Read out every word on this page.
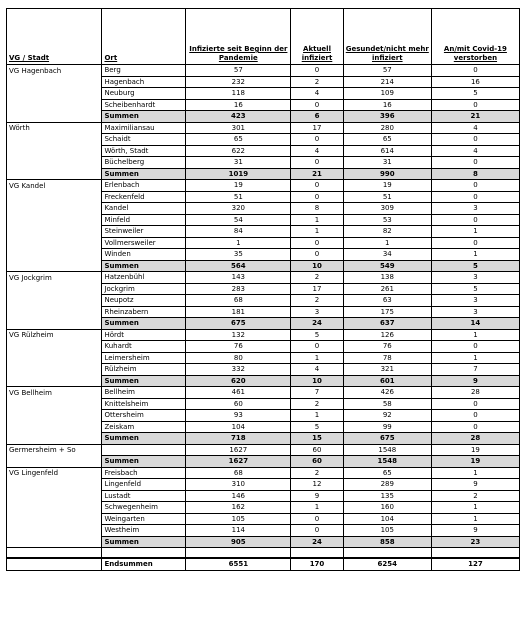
VG / Stadt	Ort	Infizierte seit Beginn der Pandemie	Aktuell infiziert	Gesundet/nicht mehr infiziert	An/mit Covid-19 verstorben
VG Hagenbach	Berg	57	0	57	0
	Hagenbach	232	2	214	16
	Neuburg	118	4	109	5
	Scheibenhardt	16	0	16	0
	Summen	423	6	396	21
Wörth	Maximiliansau	301	17	280	4
	Schaidt	65	0	65	0
	Wörth, Stadt	622	4	614	4
	Büchelberg	31	0	31	0
	Summen	1019	21	990	8
VG Kandel	Erlenbach	19	0	19	0
	Freckenfeld	51	0	51	0
	Kandel	320	8	309	3
	Minfeld	54	1	53	0
	Steinweiler	84	1	82	1
	Vollmersweiler	1	0	1	0
	Winden	35	0	34	1
	Summen	564	10	549	5
VG Jockgrim	Hatzenbühl	143	2	138	3
	Jockgrim	283	17	261	5
	Neupotz	68	2	63	3
	Rheinzabern	181	3	175	3
	Summen	675	24	637	14
VG Rülzheim	Hördt	132	5	126	1
	Kuhardt	76	0	76	0
	Leimersheim	80	1	78	1
	Rülzheim	332	4	321	7
	Summen	620	10	601	9
VG Bellheim	Bellheim	461	7	426	28
	Knittelsheim	60	2	58	0
	Ottersheim	93	1	92	0
	Zeiskam	104	5	99	0
	Summen	718	15	675	28
Germersheim + So		1627	60	1548	19
	Summen	1627	60	1548	19
VG Lingenfeld	Freisbach	68	2	65	1
	Lingenfeld	310	12	289	9
	Lustadt	146	9	135	2
	Schwegenheim	162	1	160	1
	Weingarten	105	0	104	1
	Westheim	114	0	105	9
	Summen	905	24	858	23

	Endsummen	6551	170	6254	127
